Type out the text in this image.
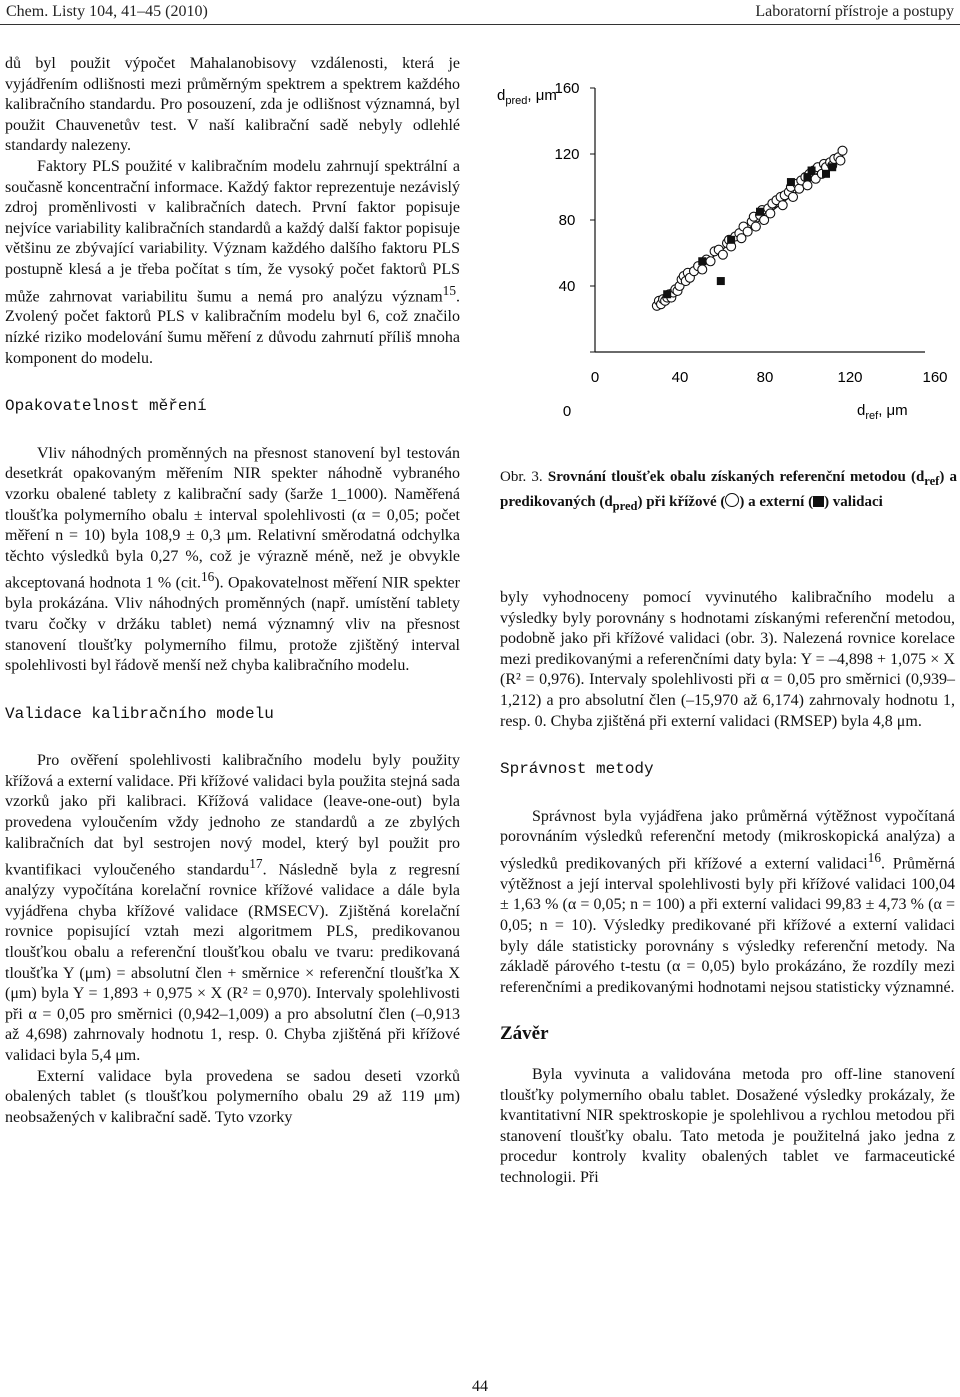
Chem. Listy 104, 41–45 (2010)	Laboratorní přístroje a postupy

dů byl použit výpočet Mahalanobisovy vzdálenosti, která je vyjádřením odlišnosti mezi průměrným spektrem a spektrem každého kalibračního standardu. Pro posouzení, zda je odlišnost významná, byl použit Chauvenetův test. V naší kalibrační sadě nebyly odlehlé standardy nalezeny.

Faktory PLS použité v kalibračním modelu zahrnují spektrální a současně koncentrační informace. Každý faktor reprezentuje nezávislý zdroj proměnlivosti v kalibračních datech. První faktor popisuje nejvíce variability kalibračních standardů a každý další faktor popisuje většinu ze zbývající variability. Význam každého dalšího faktoru PLS postupně klesá a je třeba počítat s tím, že vysoký počet faktorů PLS může zahrnovat variabilitu šumu a nemá pro analýzu význam$^{15}$. Zvolený počet faktorů PLS v kalibračním modelu byl 6, což značilo nízké riziko modelování šumu měření z důvodu zahrnutí příliš mnoha komponent do modelu.

Opakovatelnost měření

Vliv náhodných proměnných na přesnost stanovení byl testován desetkrát opakovaným měřením NIR spekter náhodně vybraného vzorku obalené tablety z kalibrační sady (šarže 1_1000). Naměřená tloušťka polymerního obalu ± interval spolehlivosti (α = 0,05; počet měření n = 10) byla 108,9 ± 0,3 μm. Relativní směrodatná odchylka těchto výsledků byla 0,27 %, což je výrazně méně, než je obvykle akceptovaná hodnota 1 % (cit.$^{16}$). Opakovatelnost měření NIR spekter byla prokázána. Vliv náhodných proměnných (např. umístění tablety tvaru čočky v držáku tablet) nemá významný vliv na přesnost stanovení tloušťky polymerního filmu, protože zjištěný interval spolehlivosti byl řádově menší než chyba kalibračního modelu.

Validace kalibračního modelu

Pro ověření spolehlivosti kalibračního modelu byly použity křížová a externí validace. Při křížové validaci byla použita stejná sada vzorků jako při kalibraci. Křížová validace (leave-one-out) byla provedena vyloučením vždy jednoho ze standardů a ze zbylých kalibračních dat byl sestrojen nový model, který byl použit pro kvantifikaci vyloučeného standardu$^{17}$. Následně byla z regresní analýzy vypočítána korelační rovnice křížové validace a dále byla vyjádřena chyba křížové validace (RMSECV). Zjištěná korelační rovnice popisující vztah mezi algoritmem PLS, predikovanou tloušťkou obalu a referenční tloušťkou obalu ve tvaru: predikovaná tloušťka Y (μm) = absolutní člen + směrnice × referenční tloušťka X (μm) byla Y = 1,893 + 0,975 × X (R² = 0,970). Intervaly spolehlivosti při α = 0,05 pro směrnici (0,942–1,009) a pro absolutní člen (–0,913 až 4,698) zahrnovaly hodnotu 1, resp. 0. Chyba zjištěná při křížové validaci byla 5,4 μm.

Externí validace byla provedena se sadou deseti vzorků obalených tablet (s tloušťkou polymerního obalu 29 až 119 μm) neobsažených v kalibrační sadě. Tyto vzorky

$d_{pred}$, μm
0
40
80
120
160
0	40	80	120	160
$d_{ref}$, μm
Obr. 3. Srovnání tloušťek obalu získaných referenční metodou $(d_{ref})$ a predikovaných $(d_{pred})$ při křížové ( ) a externí ( ) validaci

byly vyhodnoceny pomocí vyvinutého kalibračního modelu a výsledky byly porovnány s hodnotami získanými referenční metodou, podobně jako při křížové validaci (obr. 3). Nalezená rovnice korelace mezi predikovanými a referenčními daty byla: Y = –4,898 + 1,075 × X (R² = 0,976). Intervaly spolehlivosti při α = 0,05 pro směrnici (0,939–1,212) a pro absolutní člen (–15,970 až 6,174) zahrnovaly hodnotu 1, resp. 0. Chyba zjištěná při externí validaci (RMSEP) byla 4,8 μm.

Správnost metody

Správnost byla vyjádřena jako průměrná výtěžnost vypočítaná porovnáním výsledků referenční metody (mikroskopická analýza) a výsledků predikovaných při křížové a externí validaci$^{16}$. Průměrná výtěžnost a její interval spolehlivosti byly při křížové validaci 100,04 ± 1,63 % (α = 0,05; n = 100) a při externí validaci 99,83 ± 4,73 % (α = 0,05; n = 10). Výsledky predikované při křížové a externí validaci byly dále statisticky porovnány s výsledky referenční metody. Na základě párového t-testu (α = 0,05) bylo prokázáno, že rozdíly mezi referenčními a predikovanými hodnotami nejsou statisticky významné.

Závěr

Byla vyvinuta a validována metoda pro off-line stanovení tloušťky polymerního obalu tablet. Dosažené výsledky prokázaly, že kvantitativní NIR spektroskopie je spolehlivou a rychlou metodou při stanovení tloušťky obalu. Tato metoda je použitelná jako jedna z procedur kontroly kvality obalených tablet ve farmaceutické technologii. Při

44
